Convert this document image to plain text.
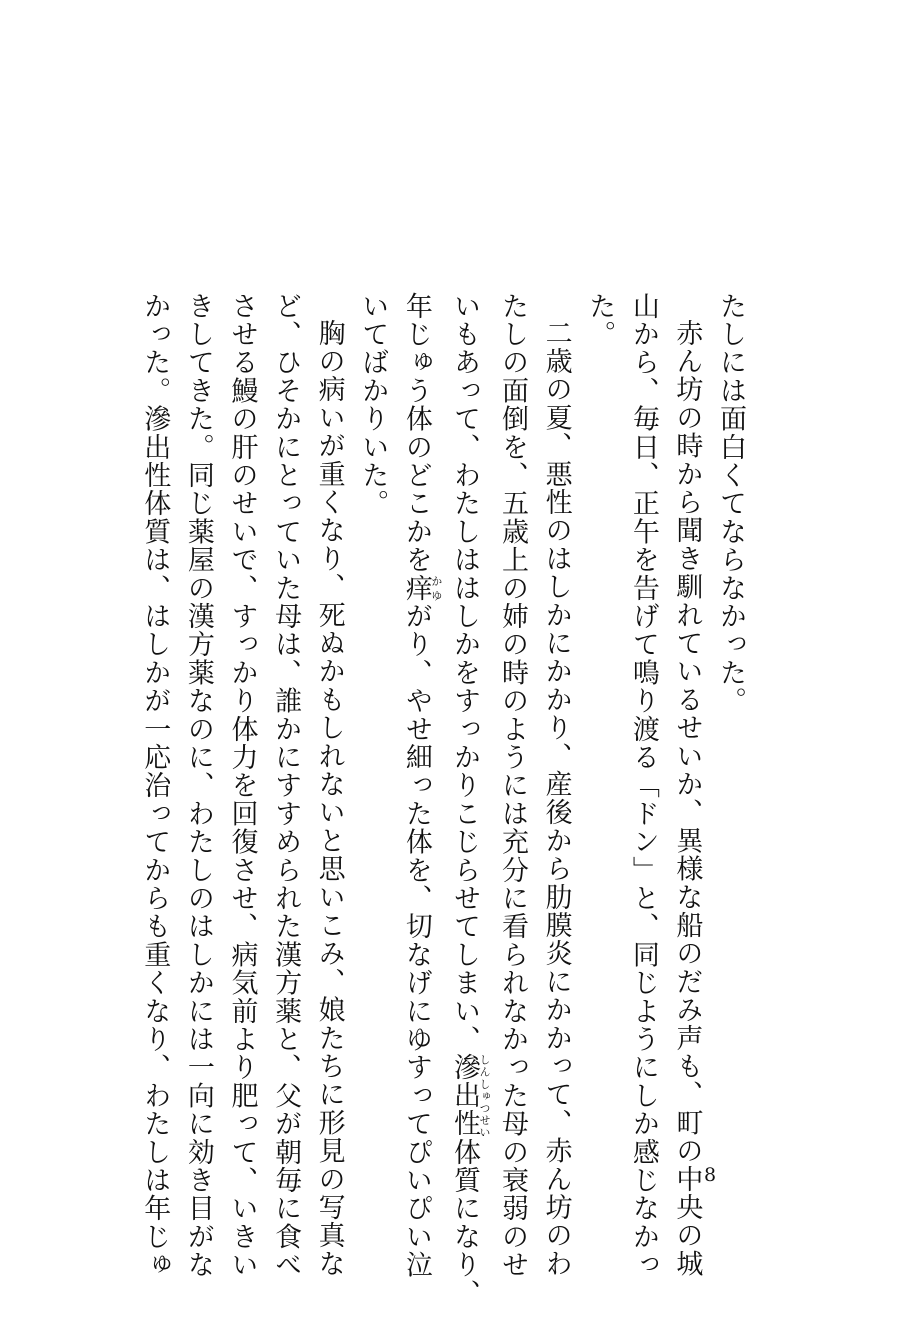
たしには面白くてならなかった。
赤ん坊の時から聞き馴れているせいか、異様な船のだみ声も、町の中央の城
山から、毎日、正午を告げて鳴り渡る「ドン」と、同じようにしか感じなかっ
た。
二歳の夏、悪性のはしかにかかり、産後から肋膜炎にかかって、赤ん坊のわ
たしの面倒を、五歳上の姉の時のようには充分に看られなかった母の衰弱のせ
いもあって、わたしははしかをすっかりこじらせてしまい、滲出性しんしゅつせい体質になり、
年じゅう体のどこかを痒かゆがり、やせ細った体を、切なげにゆすってぴいぴい泣
いてばかりいた。
胸の病いが重くなり、死ぬかもしれないと思いこみ、娘たちに形見の写真な
ど、ひそかにとっていた母は、誰かにすすめられた漢方薬と、父が朝毎に食べ
させる鰻の肝のせいで、すっかり体力を回復させ、病気前より肥って、いきい
きしてきた。同じ薬屋の漢方薬なのに、わたしのはしかには一向に効き目がな
かった。滲出性体質は、はしかが一応治ってからも重くなり、わたしは年じゅ	8
